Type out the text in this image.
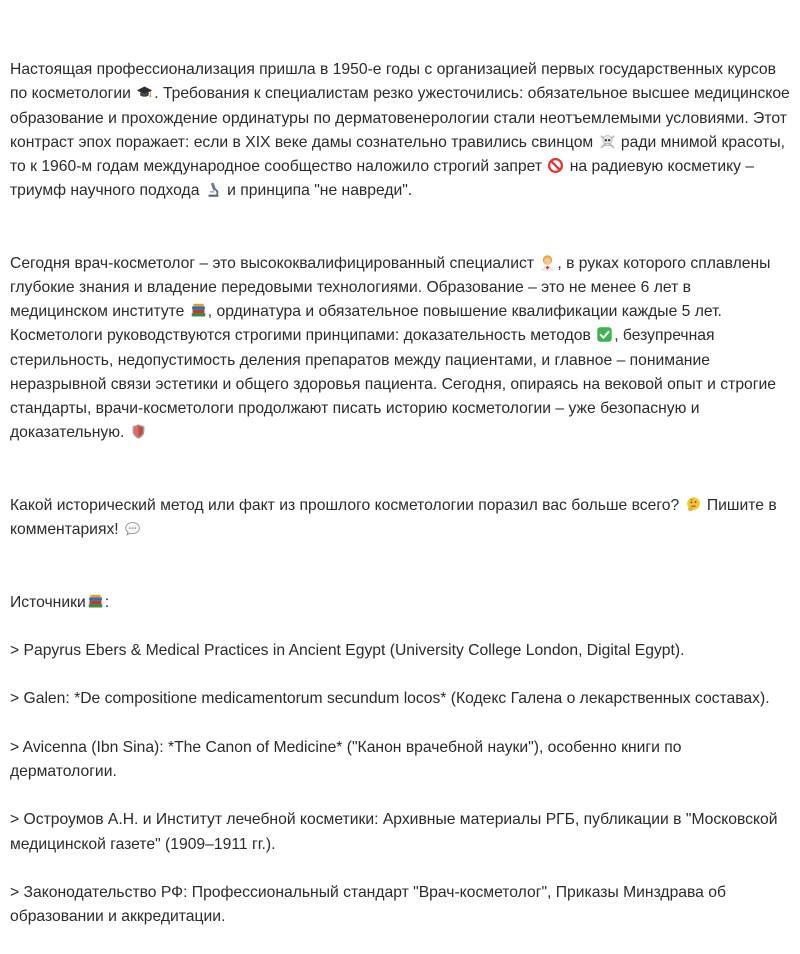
Настоящая профессионализация пришла в 1950-е годы с организацией первых государственных курсов по косметологии
. Требования к специалистам резко ужесточились: обязательное высшее медицинское образование и прохождение ординатуры по дерматовенерологии стали неотъемлемыми условиями. Этот контраст эпох поражает: если в XIX веке дамы сознательно травились свинцом
ради мнимой красоты, то к 1960-м годам международное сообщество наложило строгий запрет
на радиевую косметику – триумф научного подхода
и принципа "не навреди".

Сегодня врач-косметолог – это высококвалифицированный специалист
, в руках которого сплавлены глубокие знания и владение передовыми технологиями. Образование – это не менее 6 лет в медицинском институте
, ординатура и обязательное повышение квалификации каждые 5 лет. Косметологи руководствуются строгими принципами: доказательность методов
, безупречная стерильность, недопустимость деления препаратов между пациентами, и главное – понимание неразрывной связи эстетики и общего здоровья пациента. Сегодня, опираясь на вековой опыт и строгие стандарты, врачи-косметологи продолжают писать историю косметологии – уже безопасную и доказательную.

Какой исторический метод или факт из прошлого косметологии поразил вас больше всего?
Пишите в комментариях!

Источники :

> Papyrus Ebers & Medical Practices in Ancient Egypt (University College London, Digital Egypt).

> Galen: *De compositione medicamentorum secundum locos* (Кодекс Галена о лекарственных составах).

> Avicenna (Ibn Sina): *The Canon of Medicine* ("Канон врачебной науки"), особенно книги по дерматологии.

> Остроумов А.Н. и Институт лечебной косметики: Архивные материалы РГБ, публикации в "Московской медицинской газете" (1909–1911 гг.).

> Законодательство РФ: Профессиональный стандарт "Врач-косметолог", Приказы Минздрава об образовании и аккредитации.
